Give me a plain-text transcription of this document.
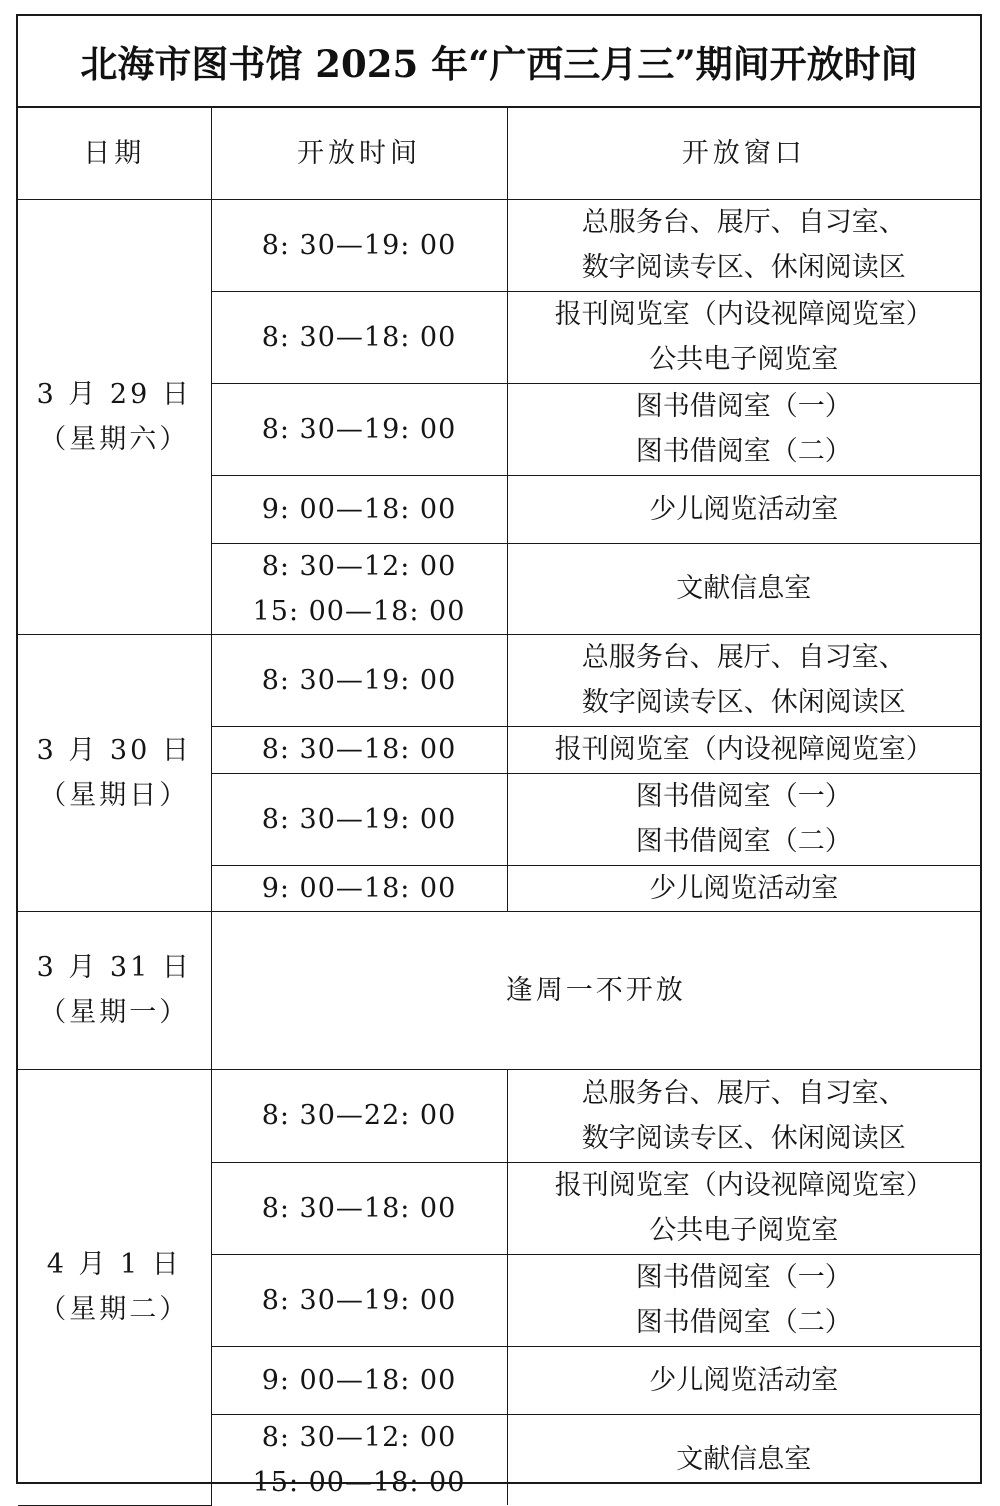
北海市图书馆 2025 年“广西三月三”期间开放时间
日期	开放时间	开放窗口

3 月 29 日
（星期六）	8: 30—19: 00	总服务台、展厅、自习室、
数字阅读专区、休闲阅读区

	8: 30—18: 00	报刊阅览室（内设视障阅览室）
公共电子阅览室

	8: 30—19: 00	图书借阅室（一）
图书借阅室（二）

	9: 00—18: 00	少儿阅览活动室

	8: 30—12: 00
15: 00—18: 00	文献信息室

3 月 30 日
（星期日）	8: 30—19: 00	总服务台、展厅、自习室、
数字阅读专区、休闲阅读区

	8: 30—18: 00	报刊阅览室（内设视障阅览室）

	8: 30—19: 00	图书借阅室（一）
图书借阅室（二）

	9: 00—18: 00	少儿阅览活动室

3 月 31 日
（星期一）	逢周一不开放	

4 月 1 日
（星期二）	8: 30—22: 00	总服务台、展厅、自习室、
数字阅读专区、休闲阅读区

	8: 30—18: 00	报刊阅览室（内设视障阅览室）
公共电子阅览室

	8: 30—19: 00	图书借阅室（一）
图书借阅室（二）

	9: 00—18: 00	少儿阅览活动室

	8: 30—12: 00
15: 00—18: 00	文献信息室
